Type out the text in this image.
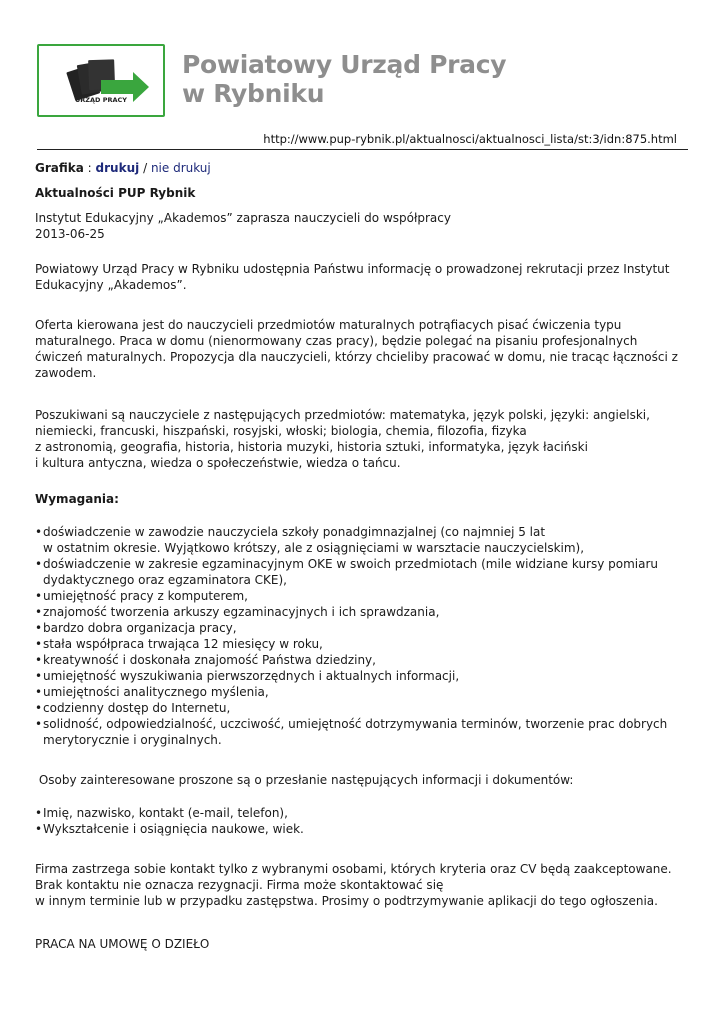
URZĄD PRACY
Powiatowy Urząd Pracy
w Rybniku
http://www.pup-rybnik.pl/aktualnosci/aktualnosci_lista/st:3/idn:875.html

Grafika : drukuj / nie drukuj

Aktualności PUP Rybnik

Instytut Edukacyjny „Akademos” zaprasza nauczycieli do współpracy

2013-06-25

Powiatowy Urząd Pracy w Rybniku udostępnia Państwu informację o prowadzonej rekrutacji przez Instytut Edukacyjny „Akademos”.

Oferta kierowana jest do nauczycieli przedmiotów maturalnych potrąfiacych pisać ćwiczenia typu maturalnego. Praca w domu (nienormowany czas pracy), będzie polegać na pisaniu profesjonalnych ćwiczeń maturalnych. Propozycja dla nauczycieli, którzy chcieliby pracować w domu, nie tracąc łączności z zawodem.

Poszukiwani są nauczyciele z następujących przedmiotów: matematyka, język polski, języki: angielski, niemiecki, francuski, hiszpański, rosyjski, włoski; biologia, chemia, filozofia, fizyka

z astronomią, geografia, historia, historia muzyki, historia sztuki, informatyka, język łaciński

i kultura antyczna, wiedza o społeczeństwie, wiedza o tańcu.

Wymagania:

• doświadczenie w zawodzie nauczyciela szkoły ponadgimnazjalnej (co najmniej 5 lat
w ostatnim okresie. Wyjątkowo krótszy, ale z osiągnięciami w warsztacie nauczycielskim),
• doświadczenie w zakresie egzaminacyjnym OKE w swoich przedmiotach (mile widziane kursy pomiaru dydaktycznego oraz egzaminatora CKE),
• umiejętność pracy z komputerem,
• znajomość tworzenia arkuszy egzaminacyjnych i ich sprawdzania,
• bardzo dobra organizacja pracy,
• stała współpraca trwająca 12 miesięcy w roku,
• kreatywność i doskonała znajomość Państwa dziedziny,
• umiejętność wyszukiwania pierwszorzędnych i aktualnych informacji,
• umiejętności analitycznego myślenia,
• codzienny dostęp do Internetu,
• solidność, odpowiedzialność, uczciwość, umiejętność dotrzymywania terminów, tworzenie prac dobrych merytorycznie i oryginalnych.

Osoby zainteresowane proszone są o przesłanie następujących informacji i dokumentów:

• Imię, nazwisko, kontakt (e-mail, telefon),
• Wykształcenie i osiągnięcia naukowe, wiek.

Firma zastrzega sobie kontakt tylko z wybranymi osobami, których kryteria oraz CV będą zaakceptowane. Brak kontaktu nie oznacza rezygnacji. Firma może skontaktować się

w innym terminie lub w przypadku zastępstwa. Prosimy o podtrzymywanie aplikacji do tego ogłoszenia.

PRACA NA UMOWĘ O DZIEŁO
